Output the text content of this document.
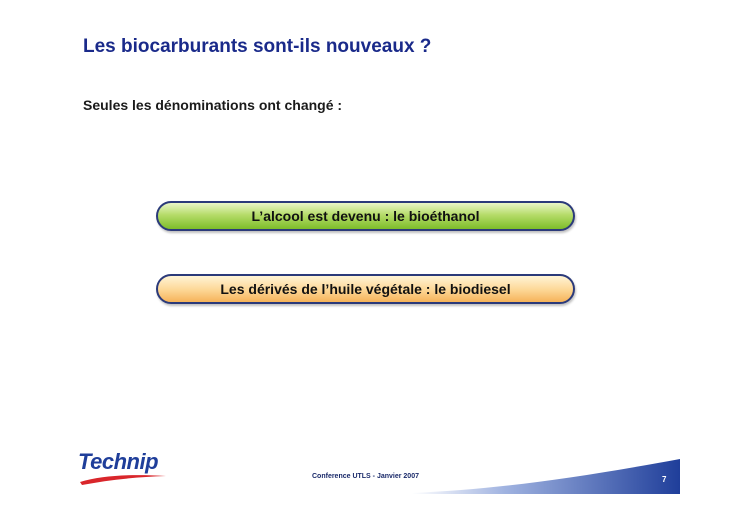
Les biocarburants sont-ils nouveaux ?
Seules les dénominations ont changé :
L’alcool est devenu : le bioéthanol
Les dérivés de l’huile végétale : le biodiesel
Technip
Conference UTLS - Janvier 2007	7
